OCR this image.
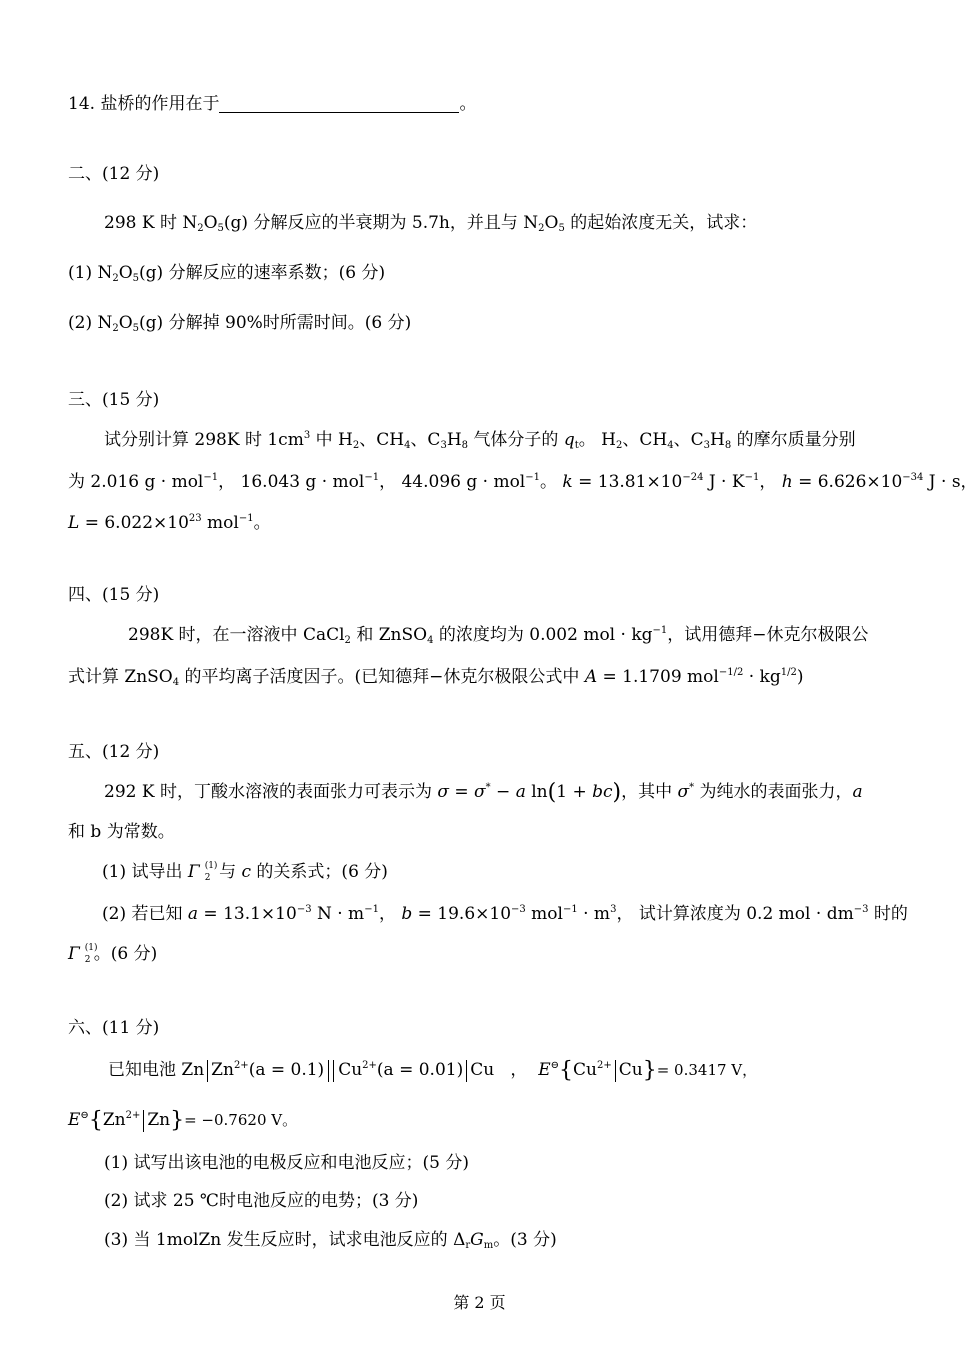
14. 盐桥的作用在于	。
二、(12 分)
298 K 时 $N_2O_5(g)$ 分解反应的半衰期为 5.7h，并且与 $N_2O_5$ 的起始浓度无关，试求：
(1) $N_2O_5(g)$ 分解反应的速率系数；(6 分)
(2) $N_2O_5(g)$ 分解掉 90%时所需时间。(6 分)
三、(15 分)
试分别计算 298K 时 $1cm^3$ 中 $H_2$、$CH_4$、$C_3H_8$ 气体分子的 $q_t$。 $H_2$、$CH_4$、$C_3H_8$ 的摩尔质量分别
为 2.016 g · mol$^{-1}$， 16.043 g · mol$^{-1}$， 44.096 g · mol$^{-1}$。 $k = 13.81\times 10^{-24}$ $J \cdot K^{-1}$， $h = 6.626\times 10^{-34}$ J · s，
$L = 6.022\times 10^{23}$ mol$^{-1}$。
四、(15 分)
298K 时，在一溶液中 CaCl$_2$ 和 ZnSO$_4$ 的浓度均为 0.002 mol · $kg^{-1}$，试用德拜−休克尔极限公
式计算 ZnSO$_4$ 的平均离子活度因子。(已知德拜−休克尔极限公式中 A = 1.1709 $mol^{-1/2} \cdot kg^{1/2}$)
五、(12 分)
292 K 时，丁酸水溶液的表面张力可表示为 σ = σ* − a ln(1 + bc)，其中 σ* 为纯水的表面张力，a
和 b 为常数。
(1) 试导出 Γ (1)
2 与 c 的关系式；(6 分)
(2) 若已知 $a = 13.1\times 10^{-3}$ $N \cdot m^{-1}$， $b = 19.6\times 10^{-3}$ $mol^{-1} \cdot m^3$， 试计算浓度为 0.2 mol · $dm^{-3}$ 时的
Γ (1)
2 。(6 分)
六、(11 分)
已知电池 Zn $Zn^{2+}(a = 0.1) Cu^{2+}(a = 0.01)$ Cu   ，  $E^⊖\{Cu^{2+}$ Cu}= 0.3417 V，
$E^⊖\{Zn^{2+}$ Zn}= −0.7620 V。
(1) 试写出该电池的电极反应和电池反应；(5 分)
(2) 试求 25 ℃时电池反应的电势；(3 分)
(3) 当 1molZn 发生反应时，试求电池反应的 $\Delta_rG_m$。(3 分)
第 2 页
